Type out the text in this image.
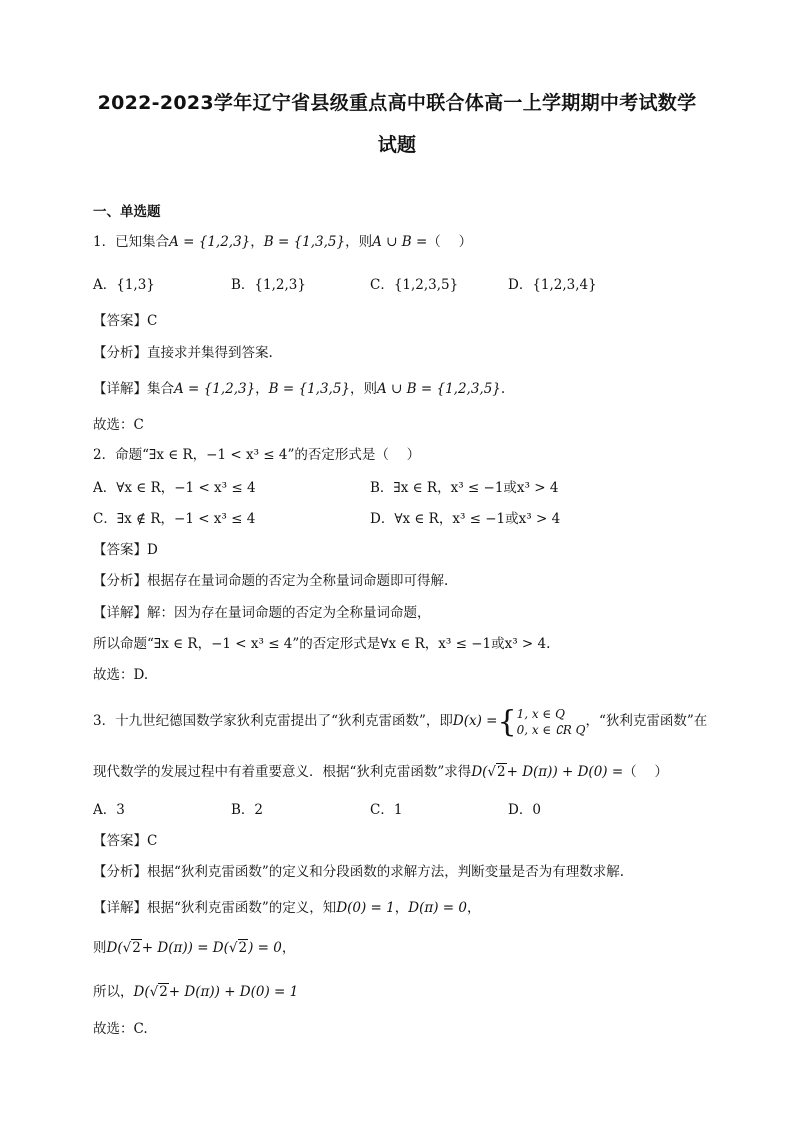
2022-2023学年辽宁省县级重点高中联合体高一上学期期中考试数学
试题
一、单选题
1．已知集合A = {1,2,3}，B = {1,3,5}，则A ∪ B =（　 ）
A．{1,3}	B．{1,2,3}	C．{1,2,3,5}	D．{1,2,3,4}
【答案】C
【分析】直接求并集得到答案.
【详解】集合A = {1,2,3}，B = {1,3,5}，则A ∪ B = {1,2,3,5}.
故选：C
2．命题“∃x ∈ R，−1 < x³ ≤ 4”的否定形式是（　 ）
A．∀x ∈ R，−1 < x³ ≤ 4	B．∃x ∈ R，x³ ≤ −1或x³ > 4
C．∃x ∉ R，−1 < x³ ≤ 4	D．∀x ∈ R，x³ ≤ −1或x³ > 4
【答案】D
【分析】根据存在量词命题的否定为全称量词命题即可得解.
【详解】解：因为存在量词命题的否定为全称量词命题，
所以命题“∃x ∈ R，−1 < x³ ≤ 4”的否定形式是∀x ∈ R，x³ ≤ −1或x³ > 4.
故选：D.
3．十九世纪德国数学家狄利克雷提出了“狄利克雷函数”，即D(x) ={ 1, x ∈ Q
0, x ∈ ∁R Q
，“狄利克雷函数”在
现代数学的发展过程中有着重要意义．根据“狄利克雷函数”求得D(√2+ D(π)) + D(0) =（　 ）
A．3	B．2	C．1	D．0
【答案】C
【分析】根据“狄利克雷函数”的定义和分段函数的求解方法，判断变量是否为有理数求解.
【详解】根据“狄利克雷函数”的定义，知D(0) = 1，D(π) = 0，
则D(√2+ D(π)) = D(√2) = 0，
所以，D(√2+ D(π)) + D(0) = 1
故选：C.
